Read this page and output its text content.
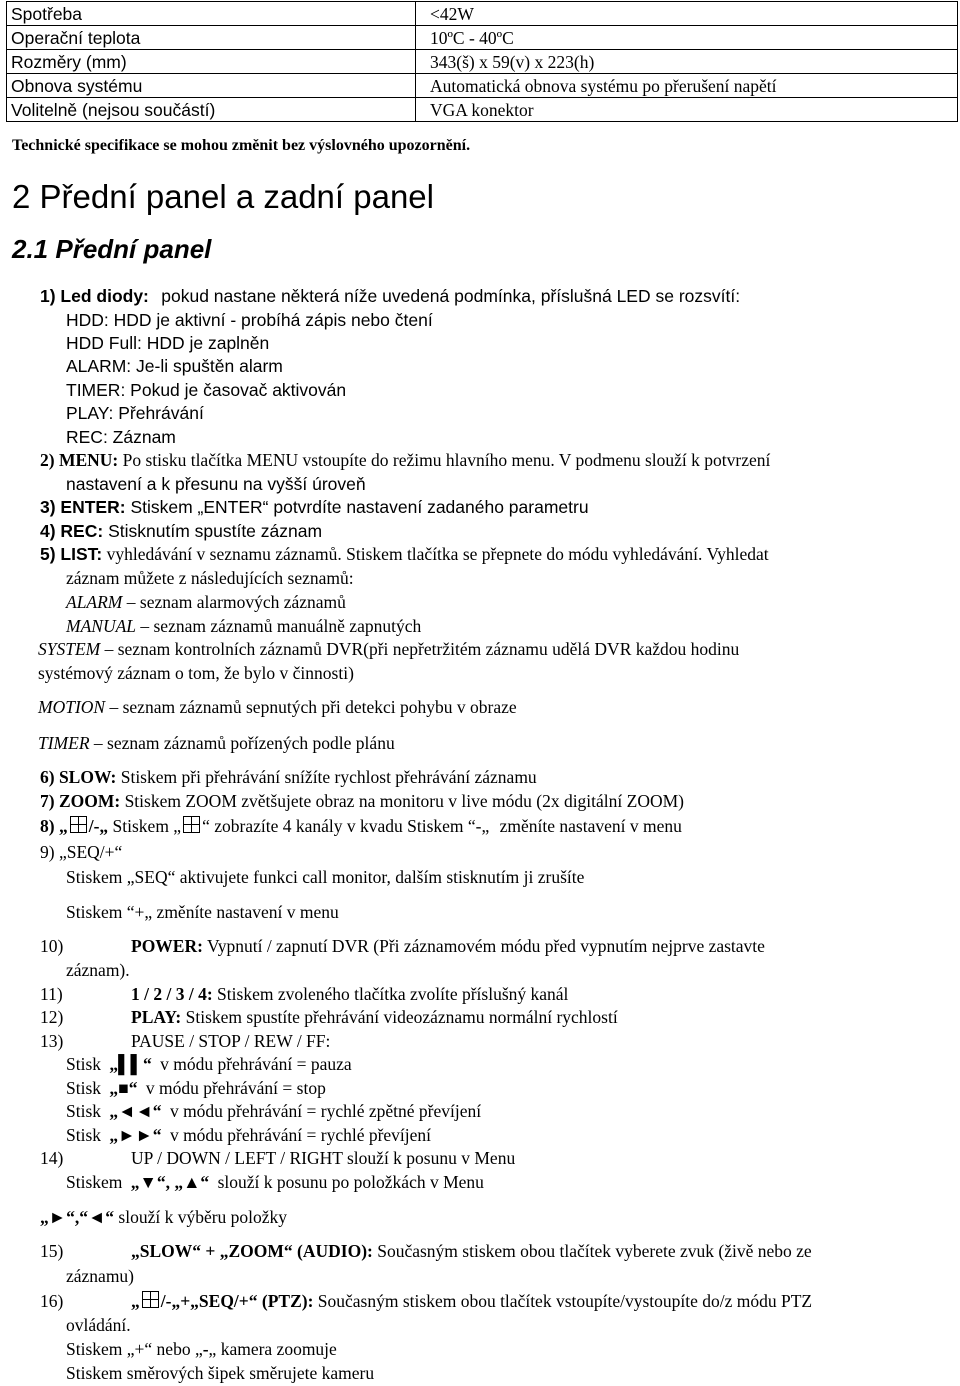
Spotřeba	<42W
Operační teplota	10ºC - 40ºC
Rozměry (mm)	343(š) x 59(v) x 223(h)
Obnova systému	Automatická obnova systému po přerušení napětí
Volitelně (nejsou součástí)	VGA konektor
Technické specifikace se mohou změnit bez výslovného upozornění.
2 Přední panel a zadní panel
2.1 Přední panel
1) Led diody: pokud nastane některá níže uvedená podmínka, příslušná LED se rozsvítí:
HDD: HDD je aktivní - probíhá zápis nebo čtení
HDD Full: HDD je zaplněn
ALARM: Je-li spuštěn alarm
TIMER: Pokud je časovač aktivován
PLAY: Přehrávání
REC: Záznam
2) MENU: Po stisku tlačítka MENU vstoupíte do režimu hlavního menu. V podmenu slouží k potvrzení
nastavení a k přesunu na vyšší úroveň
3) ENTER: Stiskem „ENTER“ potvrdíte nastavení zadaného parametru
4) REC: Stisknutím spustíte záznam
5) LIST: vyhledávání v seznamu záznamů. Stiskem tlačítka se přepnete do módu vyhledávání. Vyhledat
záznam můžete z následujících seznamů:
ALARM – seznam alarmových záznamů
MANUAL – seznam záznamů manuálně zapnutých
SYSTEM – seznam kontrolních záznamů DVR(při nepřetržitém záznamu udělá DVR každou hodinu
systémový záznam o tom, že bylo v činnosti)
MOTION – seznam záznamů sepnutých při detekci pohybu v obraze
TIMER – seznam záznamů pořízených podle plánu
6) SLOW: Stiskem při přehrávání snížíte rychlost přehrávání záznamu
7) ZOOM: Stiskem ZOOM zvětšujete obraz na monitoru v live módu (2x digitální ZOOM)
8) „ /-„ Stiskem „ “ zobrazíte 4 kanály v kvadu Stiskem “-„ změníte nastavení v menu
9) „SEQ/+“
Stiskem „SEQ“ aktivujete funkci call monitor, dalším stisknutím ji zrušíte
Stiskem “+„ změníte nastavení v menu
10)	POWER: Vypnutí / zapnutí DVR (Při záznamovém módu před vypnutím nejprve zastavte
záznam).
11)	1 / 2 / 3 / 4: Stiskem zvoleného tlačítka zvolíte příslušný kanál
12)	PLAY: Stiskem spustíte přehrávání videozáznamu normální rychlostí
13)	PAUSE / STOP / REW / FF:
Stisk „▌▌“ v módu přehrávání = pauza
Stisk „■“ v módu přehrávání = stop
Stisk „◄◄“ v módu přehrávání = rychlé zpětné převíjení
Stisk „►►“ v módu přehrávání = rychlé převíjení
14)	UP / DOWN / LEFT / RIGHT slouží k posunu v Menu
Stiskem „▼“, „▲“ slouží k posunu po položkách v Menu
„►“,“◄“ slouží k výběru položky
15)	„SLOW“ + „ZOOM“ (AUDIO): Současným stiskem obou tlačítek vyberete zvuk (živě nebo ze
záznamu)
16)	„ /-„+„SEQ/+“ (PTZ): Současným stiskem obou tlačítek vstoupíte/vystoupíte do/z módu PTZ
ovládání.
Stiskem „+“ nebo „-„ kamera zoomuje
Stiskem směrových šipek směrujete kameru
